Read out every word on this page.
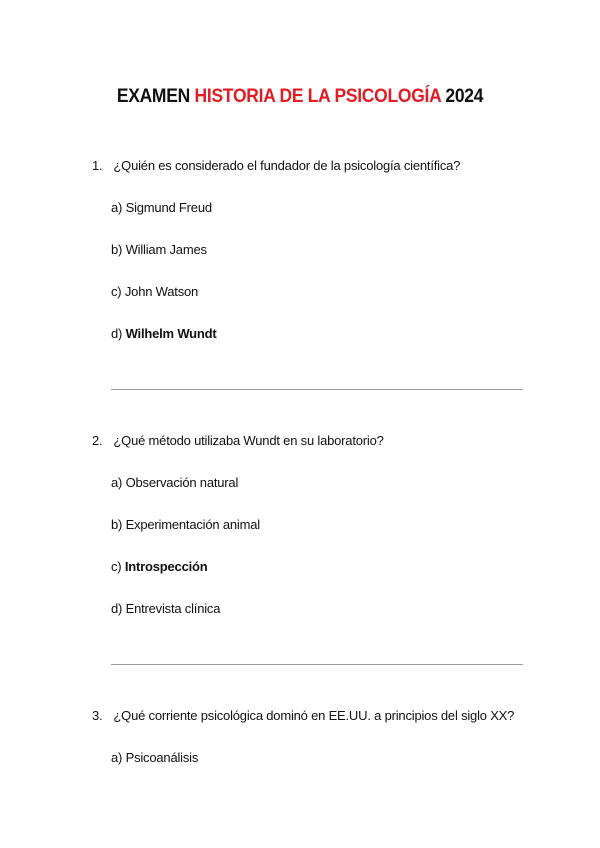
EXAMEN HISTORIA DE LA PSICOLOGÍA 2024
1. ¿Quién es considerado el fundador de la psicología científica?
a) Sigmund Freud
b) William James
c) John Watson
d) Wilhelm Wundt
2. ¿Qué método utilizaba Wundt en su laboratorio?
a) Observación natural
b) Experimentación animal
c) Introspección
d) Entrevista clínica
3. ¿Qué corriente psicológica dominó en EE.UU. a principios del siglo XX?
a) Psicoanálisis
